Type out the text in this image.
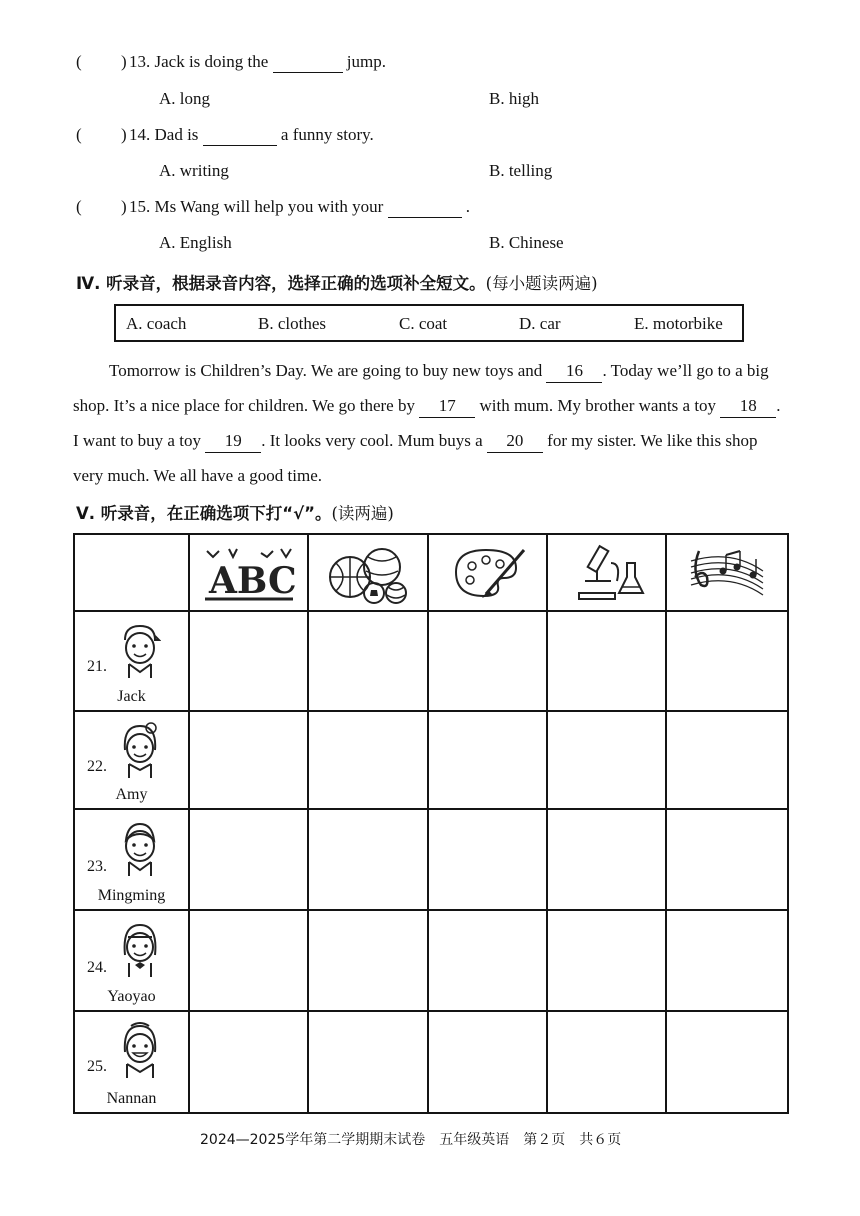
( ) 13. Jack is doing the	jump.
A. long	B. high
( ) 14. Dad is	a funny story.
A. writing	B. telling
( ) 15. Ms Wang will help you with your	.
A. English	B. Chinese
Ⅳ. 听录音，根据录音内容，选择正确的选项补全短文。(每小题读两遍)
A. coach	B. clothes	C. coat	D. car	E. motorbike
Tomorrow is Children’s Day. We are going to buy new toys and 16 . Today we’ll go to a big shop. It’s a nice place for children. We go there by 17 with mum. My brother wants a toy 18 . I want to buy a toy 19 . It looks very cool. Mum buys a 20 for my sister. We like this shop very much. We all have a good time.
Ⅴ. 听录音，在正确选项下打“√”。(读两遍)

ABC

21.
Jack					

22.
Amy					

23.
Mingming					

24.
Yaoyao					

25.
Nannan					

2024—2025学年第二学期期末试卷　五年级英语　第２页　共６页
